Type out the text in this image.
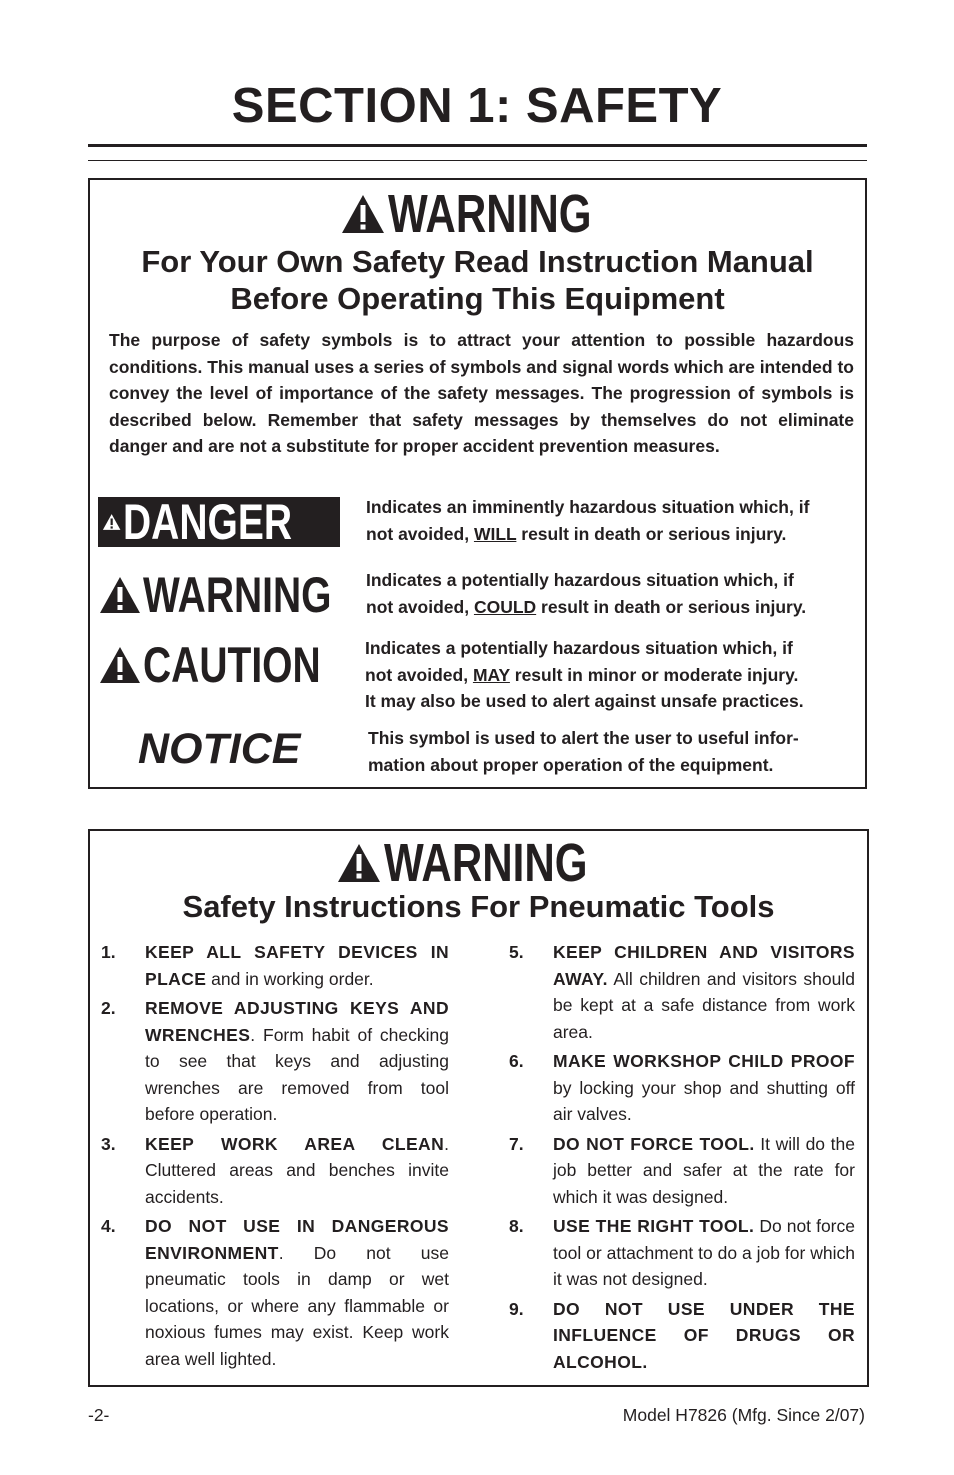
SECTION 1: SAFETY
WARNING
For Your Own Safety Read Instruction Manual
Before Operating This Equipment
The purpose of safety symbols is to attract your attention to possible hazardous conditions. This manual uses a series of symbols and signal words which are intended to convey the level of importance of the safety messages. The progression of symbols is described below. Remember that safety messages by themselves do not eliminate danger and are not a substitute for proper accident prevention measures.
DANGER	Indicates an imminently hazardous situation which, if
not avoided, WILL result in death or serious injury.
WARNING Indicates a potentially hazardous situation which, if
not avoided, COULD result in death or serious injury.
CAUTION	Indicates a potentially hazardous situation which, if
not avoided, MAY result in minor or moderate injury.
It may also be used to alert against unsafe practices.
NOTICE	This symbol is used to alert the user to useful infor-
mation about proper operation of the equipment.
WARNING
Safety Instructions For Pneumatic Tools
1.	KEEP ALL SAFETY DEVICES IN PLACE and in working order.
2.	REMOVE ADJUSTING KEYS AND WRENCHES. Form habit of checking to see that keys and adjusting wrenches are removed from tool before operation.
3.	KEEP WORK AREA CLEAN. Cluttered areas and benches invite accidents.
4.	DO NOT USE IN DANGEROUS ENVIRONMENT. Do not use pneumatic tools in damp or wet locations, or where any flammable or noxious fumes may exist. Keep work area well lighted.
5.	KEEP CHILDREN AND VISITORS AWAY. All children and visitors should be kept at a safe distance from work area.
6.	MAKE WORKSHOP CHILD PROOF by locking your shop and shutting off air valves.
7.	DO NOT FORCE TOOL. It will do the job better and safer at the rate for which it was designed.
8.	USE THE RIGHT TOOL. Do not force tool or attachment to do a job for which it was not designed.
9.	DO NOT USE UNDER THE INFLUENCE OF DRUGS OR ALCOHOL.
-2-	Model H7826 (Mfg. Since 2/07)
